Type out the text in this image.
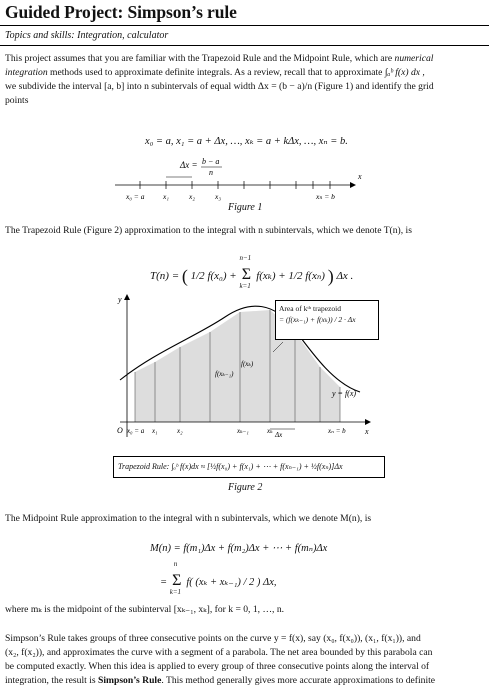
Guided Project: Simpson’s rule
Topics and skills: Integration, calculator
This project assumes that you are familiar with the Trapezoid Rule and the Midpoint Rule, which are numerical
integration methods used to approximate definite integrals. As a review, recall that to approximate ∫ₐᵇ f(x) dx ,
we subdivide the interval [a, b] into n subintervals of equal width Δx = (b − a)/n (Figure 1) and identify the grid
points
x₀ = a, x₁ = a + Δx, …, xₖ = a + kΔx, …, xₙ = b.
Δx = b − a
n
x₀ = a x₁	x₂	x₃	xₙ = b
x
Figure 1
The Trapezoid Rule (Figure 2) approximation to the integral with n subintervals, which we denote T(n), is
T(n) = ( 1/2 f(x₀) +
n−1
Σ
k=1
f(xₖ) + 1/2 f(xₙ) ) Δx .
y
x
O
y = f(x)
f(xₖ)
f(xₖ₋₁)
Δx
x₀ = a x₁	x₂	xₖ₋₁	xₖ	xₙ = b
Area of kᵗʰ trapezoid
= (f(xₖ₋₁) + f(xₖ)) / 2 · Δx
Trapezoid Rule: ∫ₐᵇ f(x)dx ≈ [½f(x₀) + f(x₁) + ⋯ + f(xₙ₋₁) + ½f(xₙ)]Δx
Figure 2
The Midpoint Rule approximation to the integral with n subintervals, which we denote M(n), is
M(n) = f(m₁)Δx + f(m₂)Δx + ⋯ + f(mₙ)Δx
=
n
Σ
k=1
f( (xₖ + xₖ₋₁) / 2 ) Δx,
where mₖ is the midpoint of the subinterval [xₖ₋₁, xₖ], for k = 0, 1, …, n.
Simpson’s Rule takes groups of three consecutive points on the curve y = f(x), say (x₀, f(x₀)), (x₁, f(x₁)), and
(x₂, f(x₂)), and approximates the curve with a segment of a parabola. The net area bounded by this parabola can
be computed exactly. When this idea is applied to every group of three consecutive points along the interval of
integration, the result is Simpson’s Rule. This method generally gives more accurate approximations to definite
